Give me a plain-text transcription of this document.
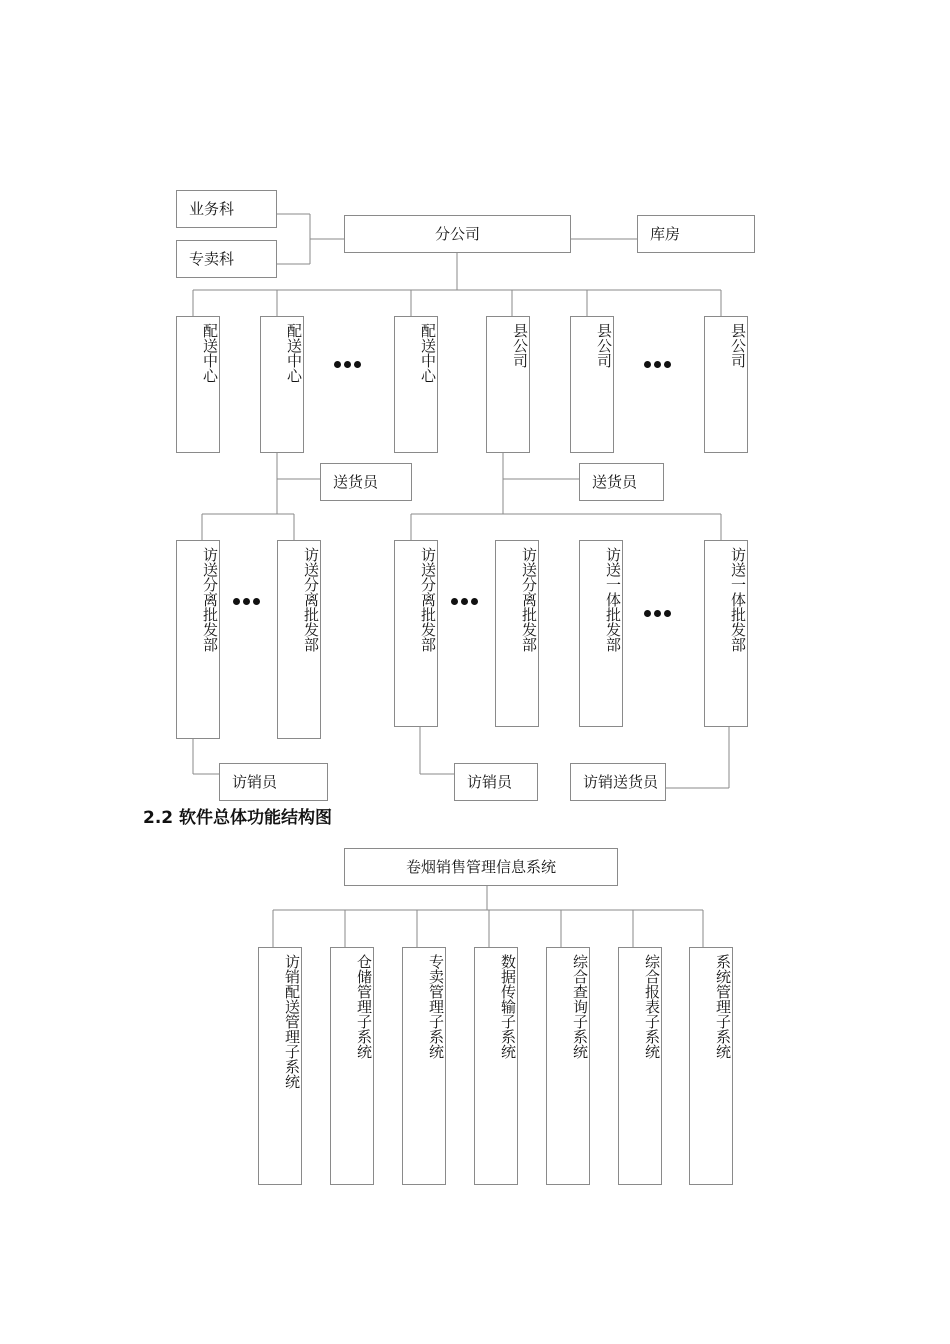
业务科
专卖科
分公司	库房
配送中心	配送中心	配送中心	县公司	县公司	县公司
送货员	送货员
访送分离批发部	访送分离批发部	访送分离批发部	访送分离批发部	访送一体批发部	访送一体批发部
访销员	访销员	访销送货员
2.2 软件总体功能结构图
卷烟销售管理信息系统
访销配送管理子系统	仓储管理子系统	专卖管理子系统	数据传输子系统	综合查询子系统	综合报表子系统	系统管理子系统
